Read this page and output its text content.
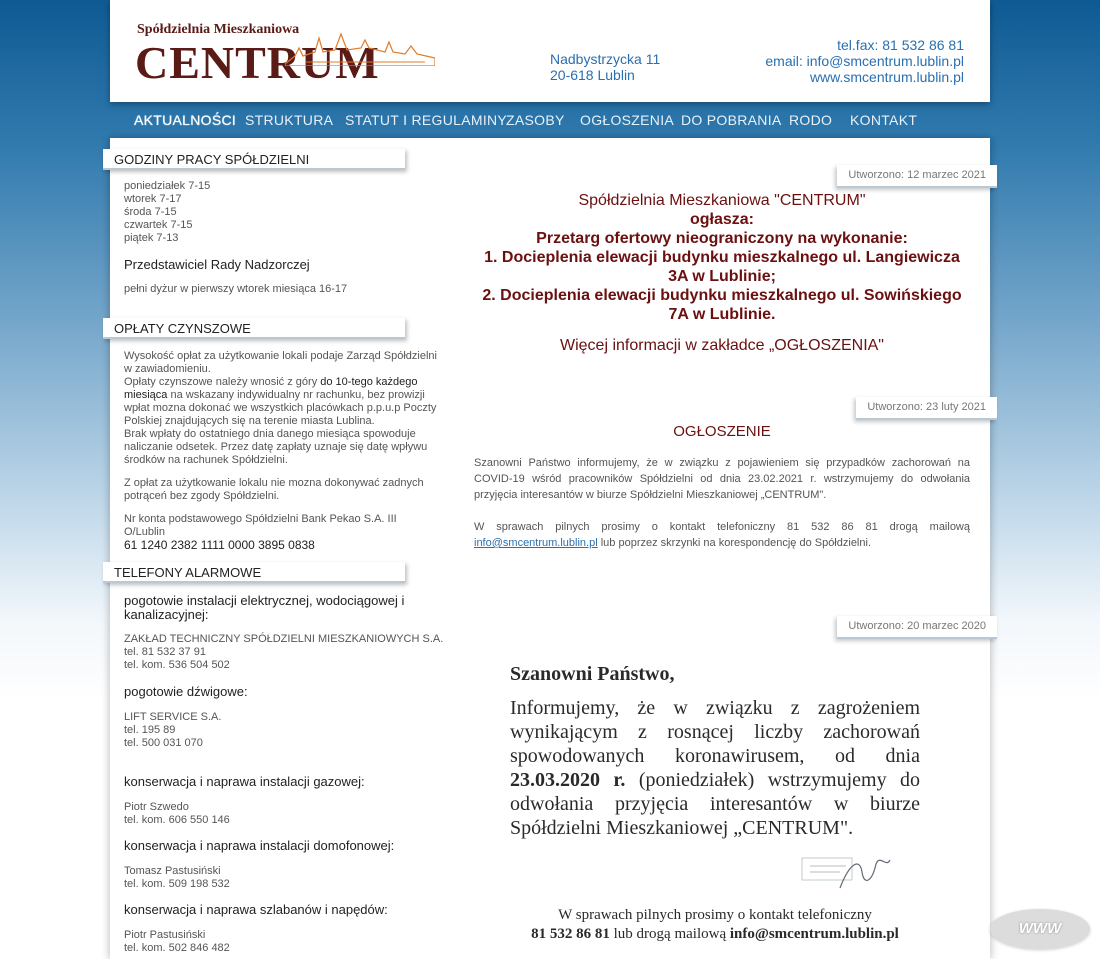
Spółdzielnia Mieszkaniowa
CENTRUM	Nadbystrzycka 11
20-618 Lublin
tel.fax: 81 532 86 81
email: info@smcentrum.lublin.pl
www.smcentrum.lublin.pl
AKTUALNOŚCI STRUKTURA STATUT I REGULAMINY
ZASOBY OGŁOSZENIA DO POBRANIA RODO KONTAKT
GODZINY PRACY SPÓŁDZIELNI
poniedziałek 7-15
wtorek 7-17
środa 7-15
czwartek 7-15
piątek 7-13
Przedstawiciel Rady Nadzorczej
pełni dyżur w pierwszy wtorek miesiąca 16-17
OPŁATY CZYNSZOWE
Wysokość opłat za użytkowanie lokali podaje Zarząd Spółdzielni w zawiadomieniu.
Opłaty czynszowe należy wnosić z góry do 10-tego każdego miesiąca na wskazany indywidualny nr rachunku, bez prowizji wpłat mozna dokonać we wszystkich placówkach p.p.u.p Poczty Polskiej znajdujących się na terenie miasta Lublina.
Brak wpłaty do ostatniego dnia danego miesiąca spowoduje naliczanie odsetek. Przez datę zapłaty uznaje się datę wpływu środków na rachunek Spółdzielni.
Z opłat za użytkowanie lokalu nie mozna dokonywać zadnych potrąceń bez zgody Spółdzielni.
Nr konta podstawowego Spółdzielni Bank Pekao S.A. III O/Lublin
61 1240 2382 1111 0000 3895 0838
TELEFONY ALARMOWE
pogotowie instalacji elektrycznej, wodociągowej i kanalizacyjnej:
ZAKŁAD TECHNICZNY SPÓŁDZIELNI MIESZKANIOWYCH S.A.
tel. 81 532 37 91
tel. kom. 536 504 502
pogotowie dźwigowe:
LIFT SERVICE S.A.
tel. 195 89
tel. 500 031 070
konserwacja i naprawa instalacji gazowej:
Piotr Szwedo
tel. kom. 606 550 146
konserwacja i naprawa instalacji domofonowej:
Tomasz Pastusiński
tel. kom. 509 198 532
konserwacja i naprawa szlabanów i napędów:
Piotr Pastusiński
tel. kom. 502 846 482
Utworzono: 12 marzec 2021
Spółdzielnia Mieszkaniowa "CENTRUM"
ogłasza:
Przetarg ofertowy nieograniczony na wykonanie:
1. Docieplenia elewacji budynku mieszkalnego ul. Langiewicza 3A w Lublinie;
2. Docieplenia elewacji budynku mieszkalnego ul. Sowińskiego 7A w Lublinie.
Więcej informacji w zakładce „OGŁOSZENIA"
Utworzono: 23 luty 2021
OGŁOSZENIE
Szanowni Państwo informujemy, że w związku z pojawieniem się przypadków zachorowań na COVID-19 wśród pracowników Spółdzielni od dnia 23.02.2021 r. wstrzymujemy do odwołania przyjęcia interesantów w biurze Spółdzielni Mieszkaniowej „CENTRUM".
W sprawach pilnych prosimy o kontakt telefoniczny 81 532 86 81 drogą mailową info@smcentrum.lublin.pl lub poprzez skrzynki na korespondencję do Spółdzielni.
Utworzono: 20 marzec 2020
Szanowni Państwo,
Informujemy, że w związku z zagrożeniem wynikającym z rosnącej liczby zachorowań spowodowanych koronawirusem, od dnia 23.03.2020 r. (poniedziałek) wstrzymujemy do odwołania przyjęcia interesantów w biurze Spółdzielni Mieszkaniowej „CENTRUM".
W sprawach pilnych prosimy o kontakt telefoniczny
81 532 86 81 lub drogą mailową info@smcentrum.lublin.pl	WWW
